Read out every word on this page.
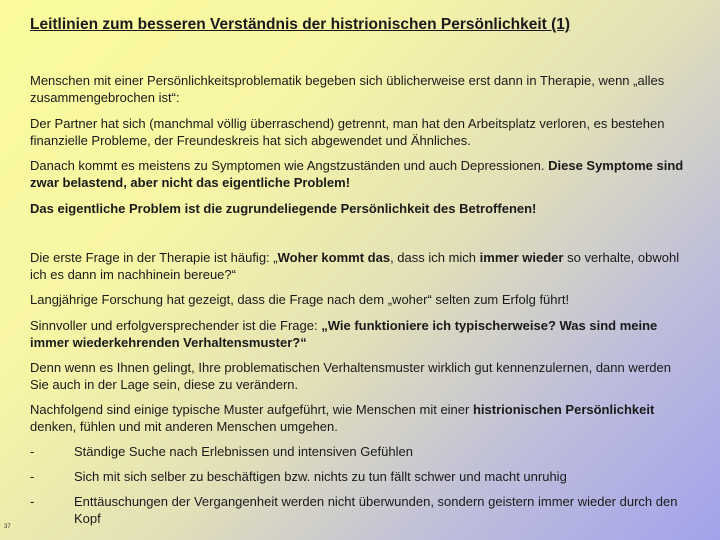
Leitlinien zum besseren Verständnis der histrionischen Persönlichkeit (1)

Menschen mit einer Persönlichkeitsproblematik begeben sich üblicherweise erst dann in Therapie, wenn „alles zusammengebrochen ist“:

Der Partner hat sich (manchmal völlig überraschend) getrennt, man hat den Arbeitsplatz verloren, es bestehen finanzielle Probleme, der Freundeskreis hat sich abgewendet und Ähnliches.

Danach kommt es meistens zu Symptomen wie Angstzuständen und auch Depressionen. Diese Symptome sind zwar belastend, aber nicht das eigentliche Problem!

Das eigentliche Problem ist die zugrundeliegende Persönlichkeit des Betroffenen!

Die erste Frage in der Therapie ist häufig: „Woher kommt das, dass ich mich immer wieder so verhalte, obwohl ich es dann im nachhinein bereue?“

Langjährige Forschung hat gezeigt, dass die Frage nach dem „woher“ selten zum Erfolg führt!

Sinnvoller und erfolgversprechender ist die Frage: „Wie funktioniere ich typischerweise? Was sind meine immer wiederkehrenden Verhaltensmuster?“

Denn wenn es Ihnen gelingt, Ihre problematischen Verhaltensmuster wirklich gut kennenzulernen, dann werden Sie auch in der Lage sein, diese zu verändern.

Nachfolgend sind einige typische Muster aufgeführt, wie Menschen mit einer histrionischen Persönlichkeit denken, fühlen und mit anderen Menschen umgehen.

-	Ständige Suche nach Erlebnissen und intensiven Gefühlen
-	Sich mit sich selber zu beschäftigen bzw. nichts zu tun fällt schwer und macht unruhig
-	Enttäuschungen der Vergangenheit werden nicht überwunden, sondern geistern immer wieder durch den Kopf
37
